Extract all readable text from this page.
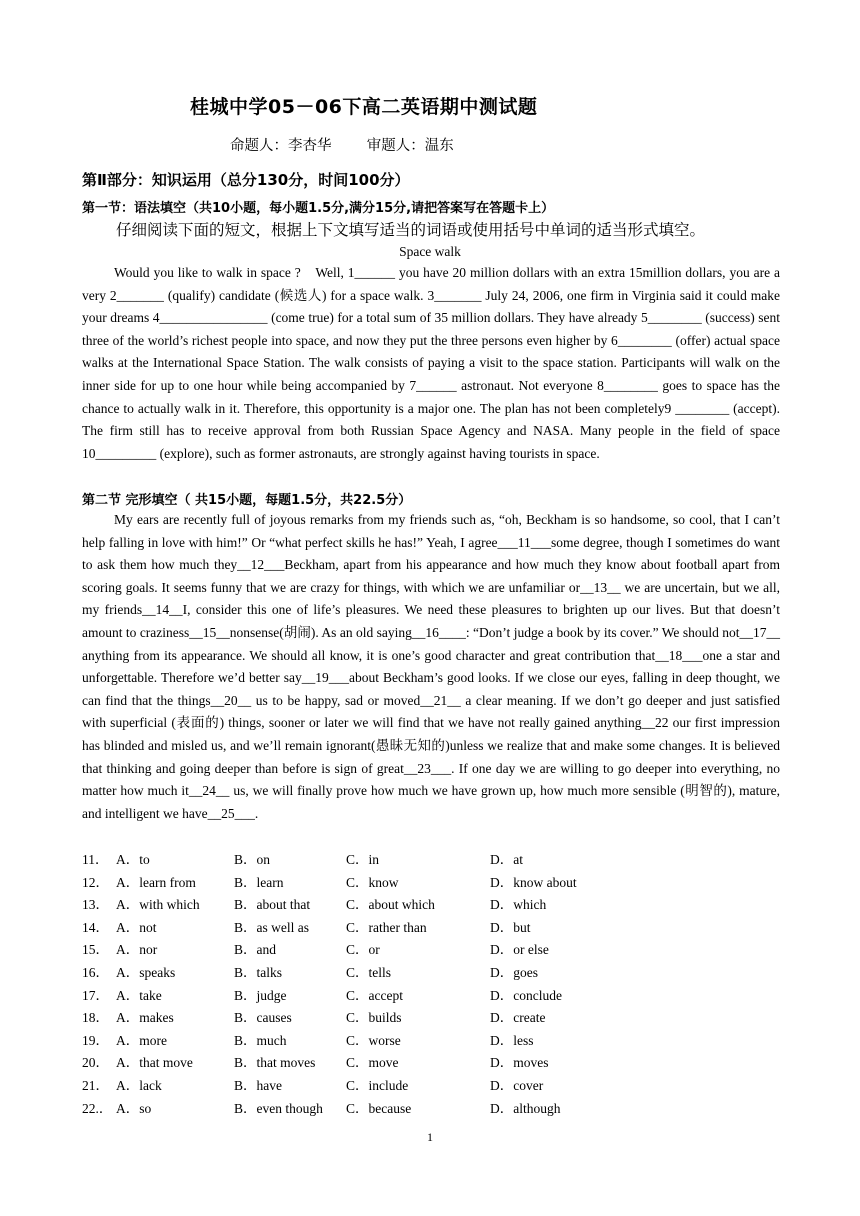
桂城中学05－06下高二英语期中测试题
命题人：李杏华 审题人：温东
第Ⅱ部分：知识运用（总分130分，时间100分）
第一节：语法填空（共10小题，每小题1.5分,满分15分,请把答案写在答题卡上）
仔细阅读下面的短文，根据上下文填写适当的词语或使用括号中单词的适当形式填空。
Space walk

Would you like to walk in space ?　Well, 1______ you have 20 million dollars with an extra 15million dollars, you are a very 2_______ (qualify) candidate (候选人) for a space walk. 3_______ July 24, 2006, one firm in Virginia said it could make your dreams 4________________ (come true) for a total sum of 35 million dollars. They have already 5________ (success) sent three of the world’s richest people into space, and now they put the three persons even higher by 6________ (offer) actual space walks at the International Space Station. The walk consists of paying a visit to the space station. Participants will walk on the inner side for up to one hour while being accompanied by 7______ astronaut. Not everyone 8________ goes to space has the chance to actually walk in it. Therefore, this opportunity is a major one. The plan has not been completely9 ________ (accept). The firm still has to receive approval from both Russian Space Agency and NASA. Many people in the field of space 10_________ (explore), such as former astronauts, are strongly against having tourists in space.

第二节 完形填空（ 共15小题，每题1.5分，共22.5分）

My ears are recently full of joyous remarks from my friends such as, “oh, Beckham is so handsome, so cool, that I can’t help falling in love with him!” Or “what perfect skills he has!” Yeah, I agree___11___some degree, though I sometimes do want to ask them how much they__12___Beckham, apart from his appearance and how much they know about football apart from scoring goals. It seems funny that we are crazy for things, with which we are unfamiliar or__13__ we are uncertain, but we all, my friends__14__I, consider this one of life’s pleasures. We need these pleasures to brighten up our lives. But that doesn’t amount to craziness__15__nonsense(胡闹). As an old saying__16____: “Don’t judge a book by its cover.” We should not__17__ anything from its appearance. We should all know, it is one’s good character and great contribution that__18___one a star and unforgettable. Therefore we’d better say__19___about Beckham’s good looks. If we close our eyes, falling in deep thought, we can find that the things__20__ us to be happy, sad or moved__21__ a clear meaning. If we don’t go deeper and just satisfied with superficial (表面的) things, sooner or later we will find that we have not really gained anything__22 our first impression has blinded and misled us, and we’ll remain ignorant(愚昧无知的)unless we realize that and make some changes. It is believed that thinking and going deeper than before is sign of great__23___. If one day we are willing to go deeper into everything, no matter how much it__24__ us, we will finally prove how much we have grown up, how much more sensible (明智的), mature, and intelligent we have__25___.

11． A．to	B．on	C．in	D．at
12． A．learn from	B．learn	C．know	D．know about
13． A．with which	B．about that	C．about which	D．which
14． A．not	B．as well as	C．rather than	D．but
15． A．nor	B．and	C．or	D．or else
16． A．speaks	B．talks	C．tells	D．goes
17． A．take	B．judge	C．accept	D．conclude
18． A．makes	B．causes	C．builds	D．create
19． A．more	B．much	C．worse	D．less
20． A．that move	B．that moves C．move	D．moves
21． A．lack	B．have	C．include	D．cover
22.． A．so	B．even though C．because	D．although
1
